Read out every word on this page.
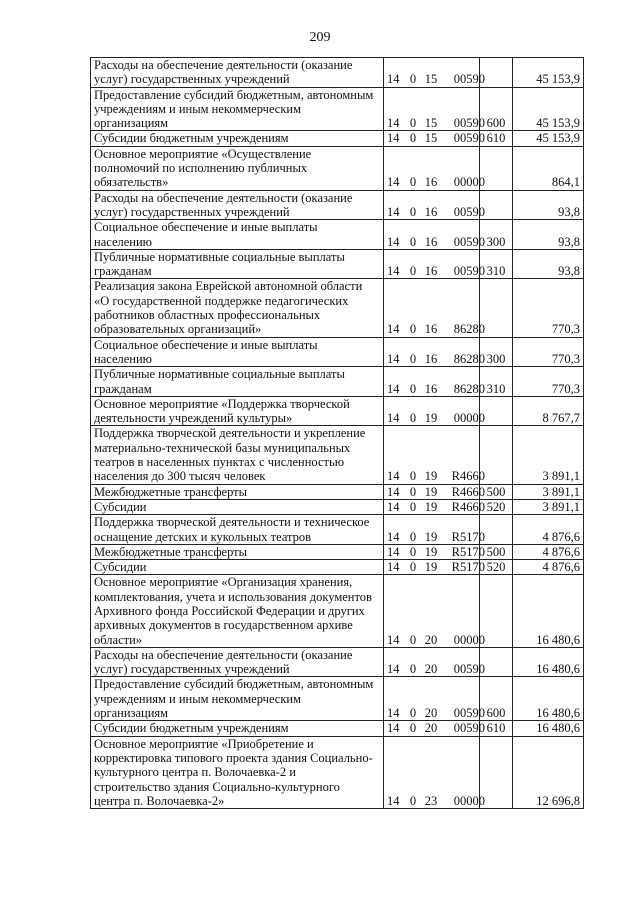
209
Расходы на обеспечение деятельности (оказание
услуг) государственных учреждений	14 0 15 00590		45 153,9
Предоставление субсидий бюджетным, автономным
учреждениям и иным некоммерческим
организациям	14 0 15 00590	600	45 153,9
Субсидии бюджетным учреждениям	14 0 15 00590	610	45 153,9
Основное мероприятие «Осуществление
полномочий по исполнению публичных
обязательств»	14 0 16 00000		864,1
Расходы на обеспечение деятельности (оказание
услуг) государственных учреждений	14 0 16 00590		93,8
Социальное обеспечение и иные выплаты
населению	14 0 16 00590	300	93,8
Публичные нормативные социальные выплаты
гражданам	14 0 16 00590	310	93,8
Реализация закона Еврейской автономной области
«О государственной поддержке педагогических
работников областных профессиональных
образовательных организаций»	14 0 16 86280		770,3
Социальное обеспечение и иные выплаты
населению	14 0 16 86280	300	770,3
Публичные нормативные социальные выплаты
гражданам	14 0 16 86280	310	770,3
Основное мероприятие «Поддержка творческой
деятельности учреждений культуры»	14 0 19 00000		8 767,7
Поддержка творческой деятельности и укрепление
материально-технической базы муниципальных
театров в населенных пунктах с численностью
населения до 300 тысяч человек	14 0 19 R4660		3 891,1
Межбюджетные трансферты	14 0 19 R4660	500	3 891,1
Субсидии	14 0 19 R4660	520	3 891,1
Поддержка творческой деятельности и техническое
оснащение детских и кукольных театров	14 0 19 R5170		4 876,6
Межбюджетные трансферты	14 0 19 R5170	500	4 876,6
Субсидии	14 0 19 R5170	520	4 876,6
Основное мероприятие «Организация хранения,
комплектования, учета и использования документов
Архивного фонда Российской Федерации и других
архивных документов в государственном архиве
области»	14 0 20 00000		16 480,6
Расходы на обеспечение деятельности (оказание
услуг) государственных учреждений	14 0 20 00590		16 480,6
Предоставление субсидий бюджетным, автономным
учреждениям и иным некоммерческим
организациям	14 0 20 00590	600	16 480,6
Субсидии бюджетным учреждениям	14 0 20 00590	610	16 480,6
Основное мероприятие «Приобретение и
корректировка типового проекта здания Социально-
культурного центра п. Волочаевка-2 и
строительство здания Социально-культурного
центра п. Волочаевка-2»	14 0 23 00000		12 696,8
